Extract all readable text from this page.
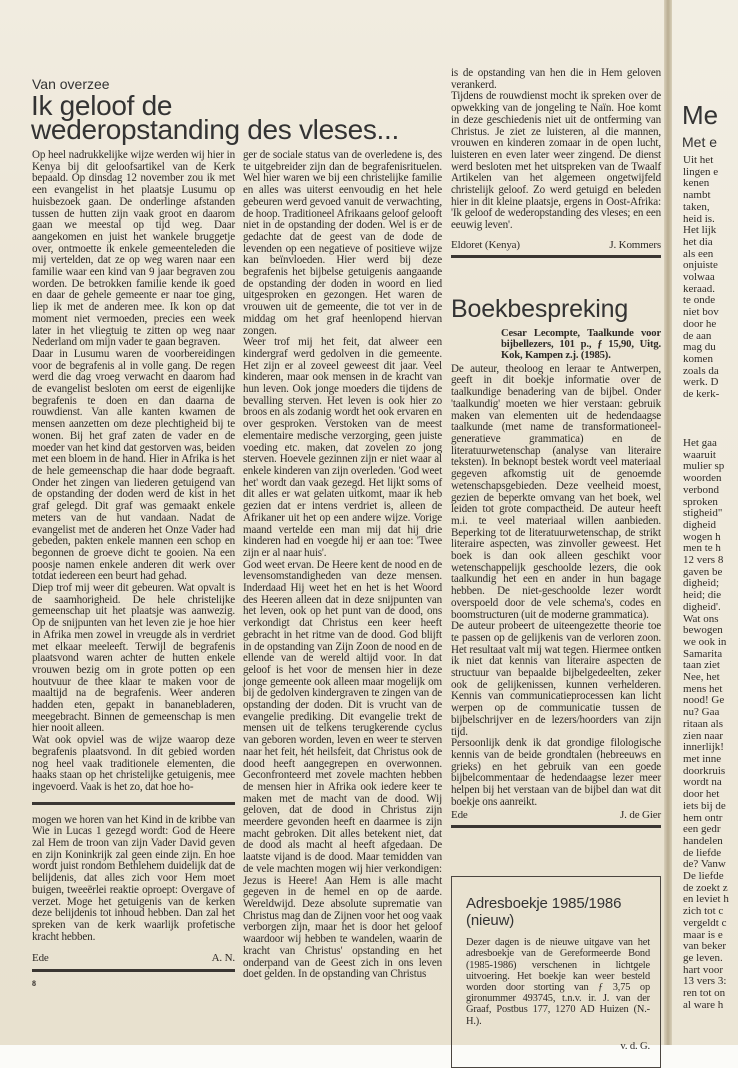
Van overzee
Ik geloof de
wederopstanding des vleses...

Op heel nadrukkelijke wijze werden wij hier in Kenya bij dit geloofsartikel van de Kerk bepaald. Op dinsdag 12 november zou ik met een evangelist in het plaatsje Lusumu op huisbezoek gaan. De onderlinge afstanden tussen de hutten zijn vaak groot en daarom gaan we meestal op tijd weg. Daar aangekomen en juist het wankele bruggetje over, ontmoette ik enkele gemeenteleden die mij vertelden, dat ze op weg waren naar een familie waar een kind van 9 jaar begraven zou worden. De betrokken familie kende ik goed en daar de gehele gemeente er naar toe ging, liep ik met de anderen mee. Ik kon op dat moment niet vermoeden, precies een week later in het vliegtuig te zitten op weg naar Nederland om mijn vader te gaan begraven.

Daar in Lusumu waren de voorbereidingen voor de begrafenis al in volle gang. De regen werd die dag vroeg verwacht en daarom had de evangelist besloten om eerst de eigenlijke begrafenis te doen en dan daarna de rouwdienst. Van alle kanten kwamen de mensen aanzetten om deze plechtigheid bij te wonen. Bij het graf zaten de vader en de moeder van het kind dat gestorven was, beiden met een bloem in de hand. Hier in Afrika is het de hele gemeenschap die haar dode begraaft. Onder het zingen van liederen getuigend van de opstanding der doden werd de kist in het graf gelegd. Dit graf was gemaakt enkele meters van de hut vandaan. Nadat de evangelist met de anderen het Onze Vader had gebeden, pakten enkele mannen een schop en begonnen de groeve dicht te gooien. Na een poosje namen enkele anderen dit werk over totdat iedereen een beurt had gehad.

Diep trof mij weer dit gebeuren. Wat opvalt is de saamhorigheid. De hele christelijke gemeenschap uit het plaatsje was aanwezig. Op de snijpunten van het leven zie je hoe hier in Afrika men zowel in vreugde als in verdriet met elkaar meeleeft. Terwijl de begrafenis plaatsvond waren achter de hutten enkele vrouwen bezig om in grote potten op een houtvuur de thee klaar te maken voor de maaltijd na de begrafenis. Weer anderen hadden eten, gepakt in bananebladeren, meegebracht. Binnen de gemeenschap is men hier nooit alleen.

Wat ook opviel was de wijze waarop deze begrafenis plaatsvond. In dit gebied worden nog heel vaak traditionele elementen, die haaks staan op het christelijke getuigenis, mee ingevoerd. Vaak is het zo, dat hoe ho-

mogen we horen van het Kind in de kribbe van Wie in Lucas 1 gezegd wordt: God de Heere zal Hem de troon van zijn Vader David geven en zijn Koninkrijk zal geen einde zijn. En hoe wordt juist rondom Bethlehem duidelijk dat de belijdenis, dat alles zich voor Hem moet buigen, tweeërlei reaktie oproept: Overgave of verzet. Moge het getuigenis van de kerken deze belijdenis tot inhoud hebben. Dan zal het spreken van de kerk waarlijk profetische kracht hebben.

Ede	A. N.
8

ger de sociale status van de overledene is, des te uitgebreider zijn dan de begrafenisrituelen. Wel hier waren we bij een christelijke familie en alles was uiterst eenvoudig en het hele gebeuren werd gevoed vanuit de verwachting, de hoop. Traditioneel Afrikaans geloof gelooft niet in de opstanding der doden. Wel is er de gedachte dat de geest van de dode de levenden op een negatieve of positieve wijze kan beïnvloeden. Hier werd bij deze begrafenis het bijbelse getuigenis aangaande de opstanding der doden in woord en lied uitgesproken en gezongen. Het waren de vrouwen uit de gemeente, die tot ver in de middag om het graf heenlopend hiervan zongen.

Weer trof mij het feit, dat alweer een kindergraf werd gedolven in die gemeente. Het zijn er al zoveel geweest dit jaar. Veel kinderen, maar ook mensen in de kracht van hun leven. Ook jonge moeders die tijdens de bevalling sterven. Het leven is ook hier zo broos en als zodanig wordt het ook ervaren en over gesproken. Verstoken van de meest elementaire medische verzorging, geen juiste voeding etc. maken, dat zovelen zo jong sterven. Hoevele gezinnen zijn er niet waar al enkele kinderen van zijn overleden. 'God weet het' wordt dan vaak gezegd. Het lijkt soms of dit alles er wat gelaten uitkomt, maar ik heb gezien dat er intens verdriet is, alleen de Afrikaner uit het op een andere wijze. Vorige maand vertelde een man mij dat hij drie kinderen had en voegde hij er aan toe: 'Twee zijn er al naar huis'.

God weet ervan. De Heere kent de nood en de levensomstandigheden van deze mensen. Inderdaad Hij weet het en het is het Woord des Heeren alleen dat in deze snijpunten van het leven, ook op het punt van de dood, ons verkondigt dat Christus een keer heeft gebracht in het ritme van de dood. God blijft in de opstanding van Zijn Zoon de nood en de ellende van de wereld altijd voor. In dat geloof is het voor de mensen hier in deze jonge gemeente ook alleen maar mogelijk om bij de gedolven kindergraven te zingen van de opstanding der doden. Dit is vrucht van de evangelie prediking. Dit evangelie trekt de mensen uit de telkens terugkerende cyclus van geboren worden, leven en weer te sterven naar het feit, hét heilsfeit, dat Christus ook de dood heeft aangegrepen en overwonnen. Geconfronteerd met zovele machten hebben de mensen hier in Afrika ook iedere keer te maken met de macht van de dood. Wij geloven, dat de dood in Christus zijn meerdere gevonden heeft en daarmee is zijn macht gebroken. Dit alles betekent niet, dat de dood als macht al heeft afgedaan. De laatste vijand is de dood. Maar temidden van de vele machten mogen wij hier verkondigen: Jezus is Heere! Aan Hem is alle macht gegeven in de hemel en op de aarde. Wereldwijd. Deze absolute suprematie van Christus mag dan de Zijnen voor het oog vaak verborgen zijn, maar het is door het geloof waardoor wij hebben te wandelen, waarin de kracht van Christus' opstanding en het onderpand van de Geest zich in ons leven doet gelden. In de opstanding van Christus

is de opstanding van hen die in Hem geloven verankerd.

Tijdens de rouwdienst mocht ik spreken over de opwekking van de jongeling te Naïn. Hoe komt in deze geschiedenis niet uit de ontferming van Christus. Je ziet ze luisteren, al die mannen, vrouwen en kinderen zomaar in de open lucht, luisteren en even later weer zingend. De dienst werd besloten met het uitspreken van de Twaalf Artikelen van het algemeen ongetwijfeld christelijk geloof. Zo werd getuigd en beleden hier in dit kleine plaatsje, ergens in Oost-Afrika: 'Ik geloof de wederopstanding des vleses; en een eeuwig leven'.

Eldoret (Kenya)	J. Kommers
Boekbespreking
Cesar Lecompte, Taalkunde voor bijbellezers, 101 p., ƒ 15,90, Uitg. Kok, Kampen z.j. (1985).

De auteur, theoloog en leraar te Antwerpen, geeft in dit boekje informatie over de taalkundige benadering van de bijbel. Onder 'taalkundig' moeten we hier verstaan: gebruik maken van elementen uit de hedendaagse taalkunde (met name de transformationeel-generatieve grammatica) en de literatuurwetenschap (analyse van literaire teksten). In beknopt bestek wordt veel materiaal gegeven afkomstig uit de genoemde wetenschapsgebieden. Deze veelheid moest, gezien de beperkte omvang van het boek, wel leiden tot grote compactheid. De auteur heeft m.i. te veel materiaal willen aanbieden. Beperking tot de literatuurwetenschap, de strikt literaire aspecten, was zinvoller geweest. Het boek is dan ook alleen geschikt voor wetenschappelijk geschoolde lezers, die ook taalkundig het een en ander in hun bagage hebben. De niet-geschoolde lezer wordt overspoeld door de vele schema's, codes en boomstructuren (uit de moderne grammatica).

De auteur probeert de uiteengezette theorie toe te passen op de gelijkenis van de verloren zoon. Het resultaat valt mij wat tegen. Hiermee ontken ik niet dat kennis van literaire aspecten de structuur van bepaalde bijbelgedeelten, zeker ook de gelijkenissen, kunnen verhelderen. Kennis van communicatieprocessen kan licht werpen op de communicatie tussen de bijbelschrijver en de lezers/hoorders van zijn tijd.

Persoonlijk denk ik dat grondige filologische kennis van de beide grondtalen (hebreeuws en grieks) en het gebruik van een goede bijbelcommentaar de hedendaagse lezer meer helpen bij het verstaan van de bijbel dan wat dit boekje ons aanreikt.

Ede	J. de Gier
Adresboekje 1985/1986
(nieuw)
Dezer dagen is de nieuwe uitgave van het adresboekje van de Gereformeerde Bond (1985-1986) verschenen in lichtgele uitvoering. Het boekje kan weer besteld worden door storting van ƒ 3,75 op gironummer 493745, t.n.v. ir. J. van der Graaf, Postbus 177, 1270 AD Huizen (N.-H.).
v. d. G.
Me
Met e
Uit het
lingen e
kenen
nambt
taken,
heid is.
Het lijk
het dia
als een
onjuiste
volwaa
keraad.
te onde
niet bov
door he
de aan
mag du
komen
zoals da
werk. D
de kerk-
Het gaa
waaruit
mulier sp
woorden
verbond
sproken
stigheid"
digheid
wogen h
men te h
12 vers 8
gaven be
digheid;
heid; die
digheid'.
Wat ons
bewogen
we ook in
Samarita
taan ziet
Nee, het
mens het
nood! Ge
nu? Gaa
ritaan als
zien naar
innerlijk!
met inne
doorkruis
wordt na
door het
iets bij de
hem ontr
een gedr
handelen
de liefde
de? Vanw
De liefde
de zoekt z
en leviet h
zich tot c
vergeldt c
maar is e
van beker
ge leven.
hart voor
13 vers 3:
ren tot on
al ware h
